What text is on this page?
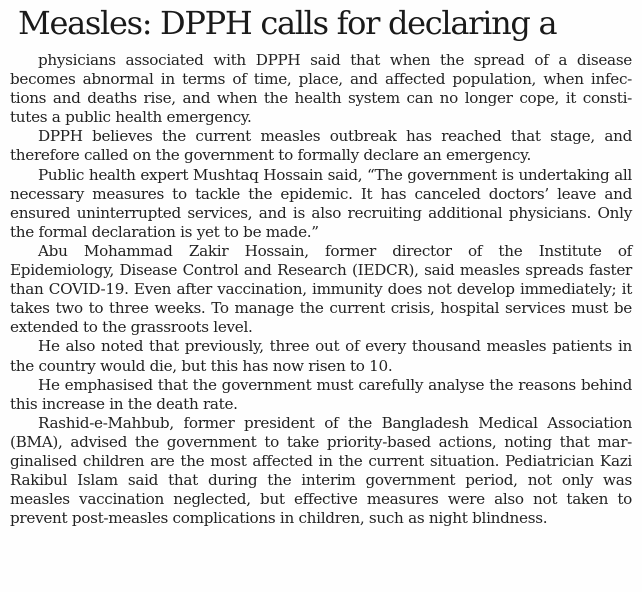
Measles: DPPH calls for declaring a

physicians associated with DPPH said that when the spread of a disease becomes abnormal in terms of time, place, and affected population, when infec-tions and deaths rise, and when the health system can no longer cope, it consti-tutes a public health emergency.

DPPH believes the current measles outbreak has reached that stage, and therefore called on the government to formally declare an emergency.

Public health expert Mushtaq Hossain said, “The government is undertaking all necessary measures to tackle the epidemic. It has canceled doctors’ leave and ensured uninterrupted services, and is also recruiting additional physicians. Only the formal declaration is yet to be made.”

Abu Mohammad Zakir Hossain, former director of the Institute of Epidemiology, Disease Control and Research (IEDCR), said measles spreads faster than COVID-19. Even after vaccination, immunity does not develop immediately; it takes two to three weeks. To manage the current crisis, hospital services must be extended to the grassroots level.

He also noted that previously, three out of every thousand measles patients in the country would die, but this has now risen to 10.

He emphasised that the government must carefully analyse the reasons behind this increase in the death rate.

Rashid-e-Mahbub, former president of the Bangladesh Medical Association (BMA), advised the government to take priority-based actions, noting that mar-ginalised children are the most affected in the current situation. Pediatrician Kazi Rakibul Islam said that during the interim government period, not only was measles vaccination neglected, but effective measures were also not taken to prevent post-measles complications in children, such as night blindness.
